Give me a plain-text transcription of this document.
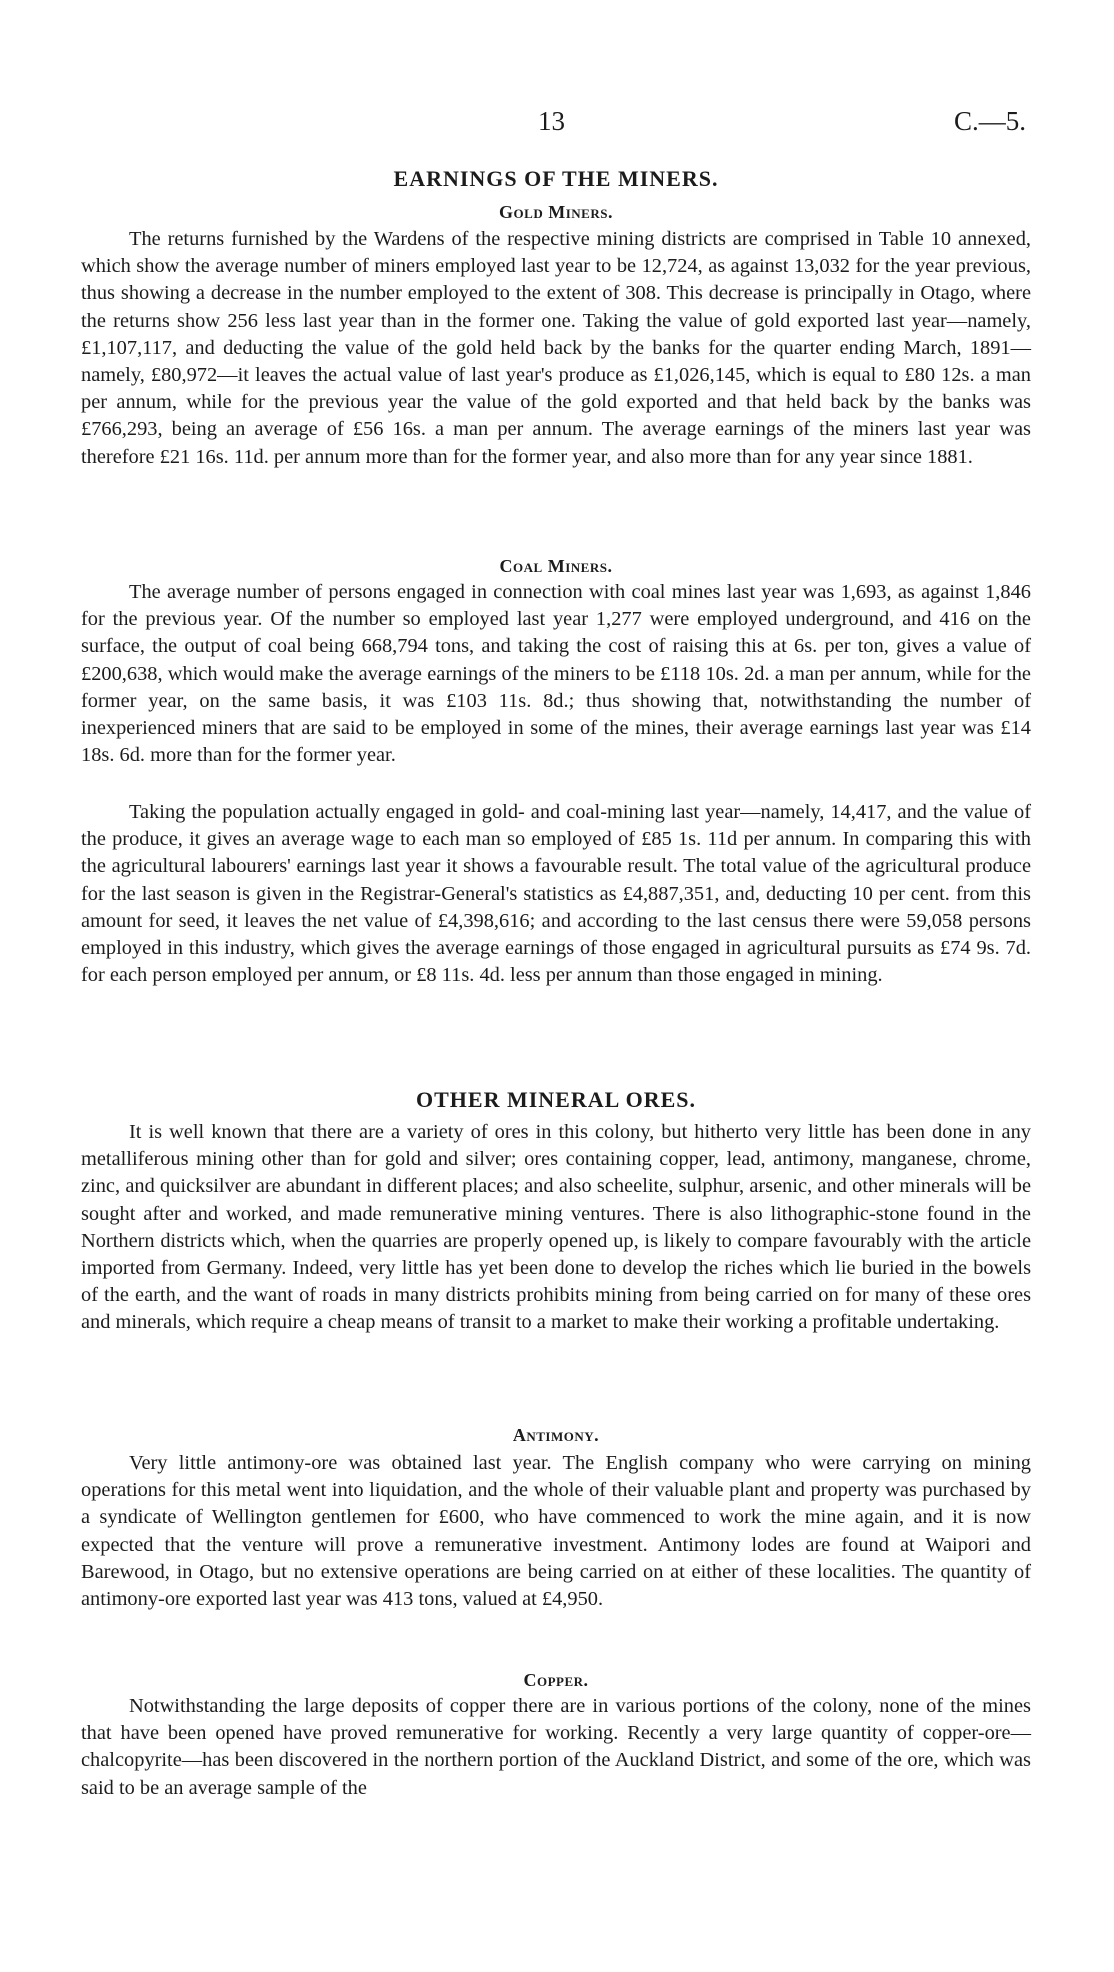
13	C.—5.
EARNINGS OF THE MINERS.
Gold Miners.

The returns furnished by the Wardens of the respective mining districts are comprised in Table 10 annexed, which show the average number of miners employed last year to be 12,724, as against 13,032 for the year previous, thus showing a decrease in the number employed to the extent of 308. This decrease is principally in Otago, where the returns show 256 less last year than in the former one. Taking the value of gold exported last year—namely, £1,107,117, and deducting the value of the gold held back by the banks for the quarter ending March, 1891—namely, £80,972—it leaves the actual value of last year's produce as £1,026,145, which is equal to £80 12s. a man per annum, while for the previous year the value of the gold exported and that held back by the banks was £766,293, being an average of £56 16s. a man per annum. The average earnings of the miners last year was therefore £21 16s. 11d. per annum more than for the former year, and also more than for any year since 1881.

Coal Miners.

The average number of persons engaged in connection with coal mines last year was 1,693, as against 1,846 for the previous year. Of the number so employed last year 1,277 were employed underground, and 416 on the surface, the output of coal being 668,794 tons, and taking the cost of raising this at 6s. per ton, gives a value of £200,638, which would make the average earnings of the miners to be £118 10s. 2d. a man per annum, while for the former year, on the same basis, it was £103 11s. 8d.; thus showing that, notwithstanding the number of inexperienced miners that are said to be employed in some of the mines, their average earnings last year was £14 18s. 6d. more than for the former year.

Taking the population actually engaged in gold- and coal-mining last year—namely, 14,417, and the value of the produce, it gives an average wage to each man so employed of £85 1s. 11d per annum. In comparing this with the agricultural labourers' earnings last year it shows a favourable result. The total value of the agricultural produce for the last season is given in the Registrar-General's statistics as £4,887,351, and, deducting 10 per cent. from this amount for seed, it leaves the net value of £4,398,616; and according to the last census there were 59,058 persons employed in this industry, which gives the average earnings of those engaged in agricultural pursuits as £74 9s. 7d. for each person employed per annum, or £8 11s. 4d. less per annum than those engaged in mining.

OTHER MINERAL ORES.

It is well known that there are a variety of ores in this colony, but hitherto very little has been done in any metalliferous mining other than for gold and silver; ores containing copper, lead, antimony, manganese, chrome, zinc, and quicksilver are abundant in different places; and also scheelite, sulphur, arsenic, and other minerals will be sought after and worked, and made remunerative mining ventures. There is also lithographic-stone found in the Northern districts which, when the quarries are properly opened up, is likely to compare favourably with the article imported from Germany. Indeed, very little has yet been done to develop the riches which lie buried in the bowels of the earth, and the want of roads in many districts prohibits mining from being carried on for many of these ores and minerals, which require a cheap means of transit to a market to make their working a profitable undertaking.

Antimony.

Very little antimony-ore was obtained last year. The English company who were carrying on mining operations for this metal went into liquidation, and the whole of their valuable plant and property was purchased by a syndicate of Wellington gentlemen for £600, who have commenced to work the mine again, and it is now expected that the venture will prove a remunerative investment. Antimony lodes are found at Waipori and Barewood, in Otago, but no extensive operations are being carried on at either of these localities. The quantity of antimony-ore exported last year was 413 tons, valued at £4,950.

Copper.

Notwithstanding the large deposits of copper there are in various portions of the colony, none of the mines that have been opened have proved remunerative for working. Recently a very large quantity of copper-ore—chalcopyrite—has been discovered in the northern portion of the Auckland District, and some of the ore, which was said to be an average sample of the
